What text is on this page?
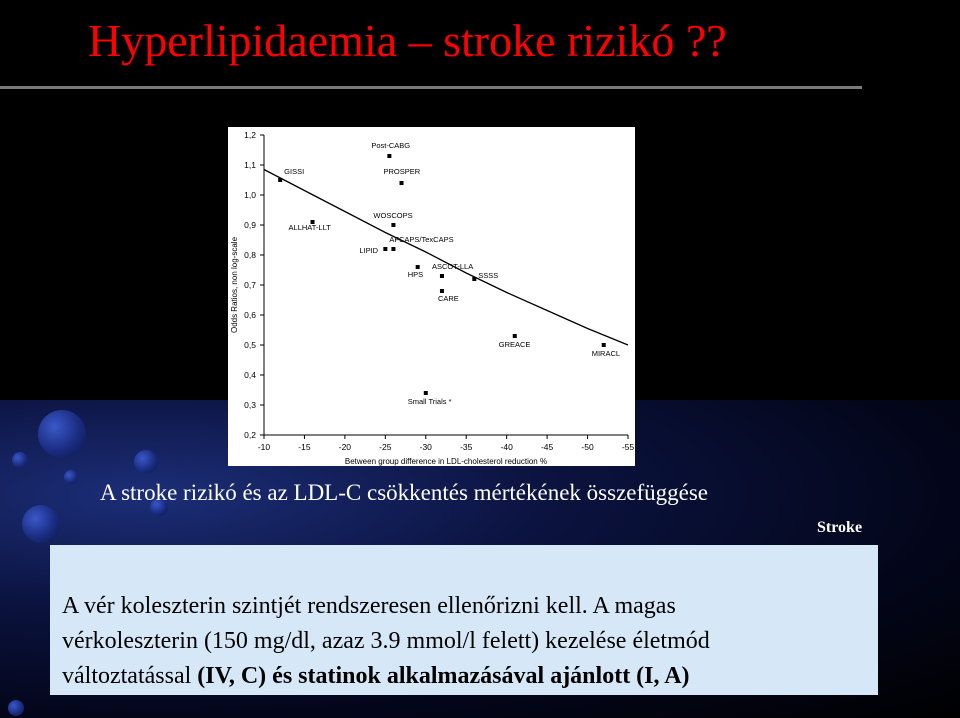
Hyperlipidaemia – stroke rizikó ??
1,2
1,1
1,0
0,9
0,8
0,7
0,6
0,5
0,4
0,3
0,2
-10	-15	-20	-25	-30	-35	-40	-45	-50	-55
Between group difference in LDL-cholesterol reduction %
Odds Ratios, non log-scale
GISSI
Post-CABG
PROSPER
ALLHAT-LLT
WOSCOPS
LIPID
AFCAPS/TexCAPS
HPS
ASCOT-LLA
SSSS
CARE
GREACE
MIRACL
Small Trials *

A stroke rizikó és az LDL-C csökkentés mértékének összefüggése

Stroke

A vér koleszterin szintjét rendszeresen ellenőrizni kell. A magas
vérkoleszterin (150 mg/dl, azaz 3.9 mmol/l felett) kezelése életmód
változtatással (IV, C) és statinok alkalmazásával ajánlott (I, A)
